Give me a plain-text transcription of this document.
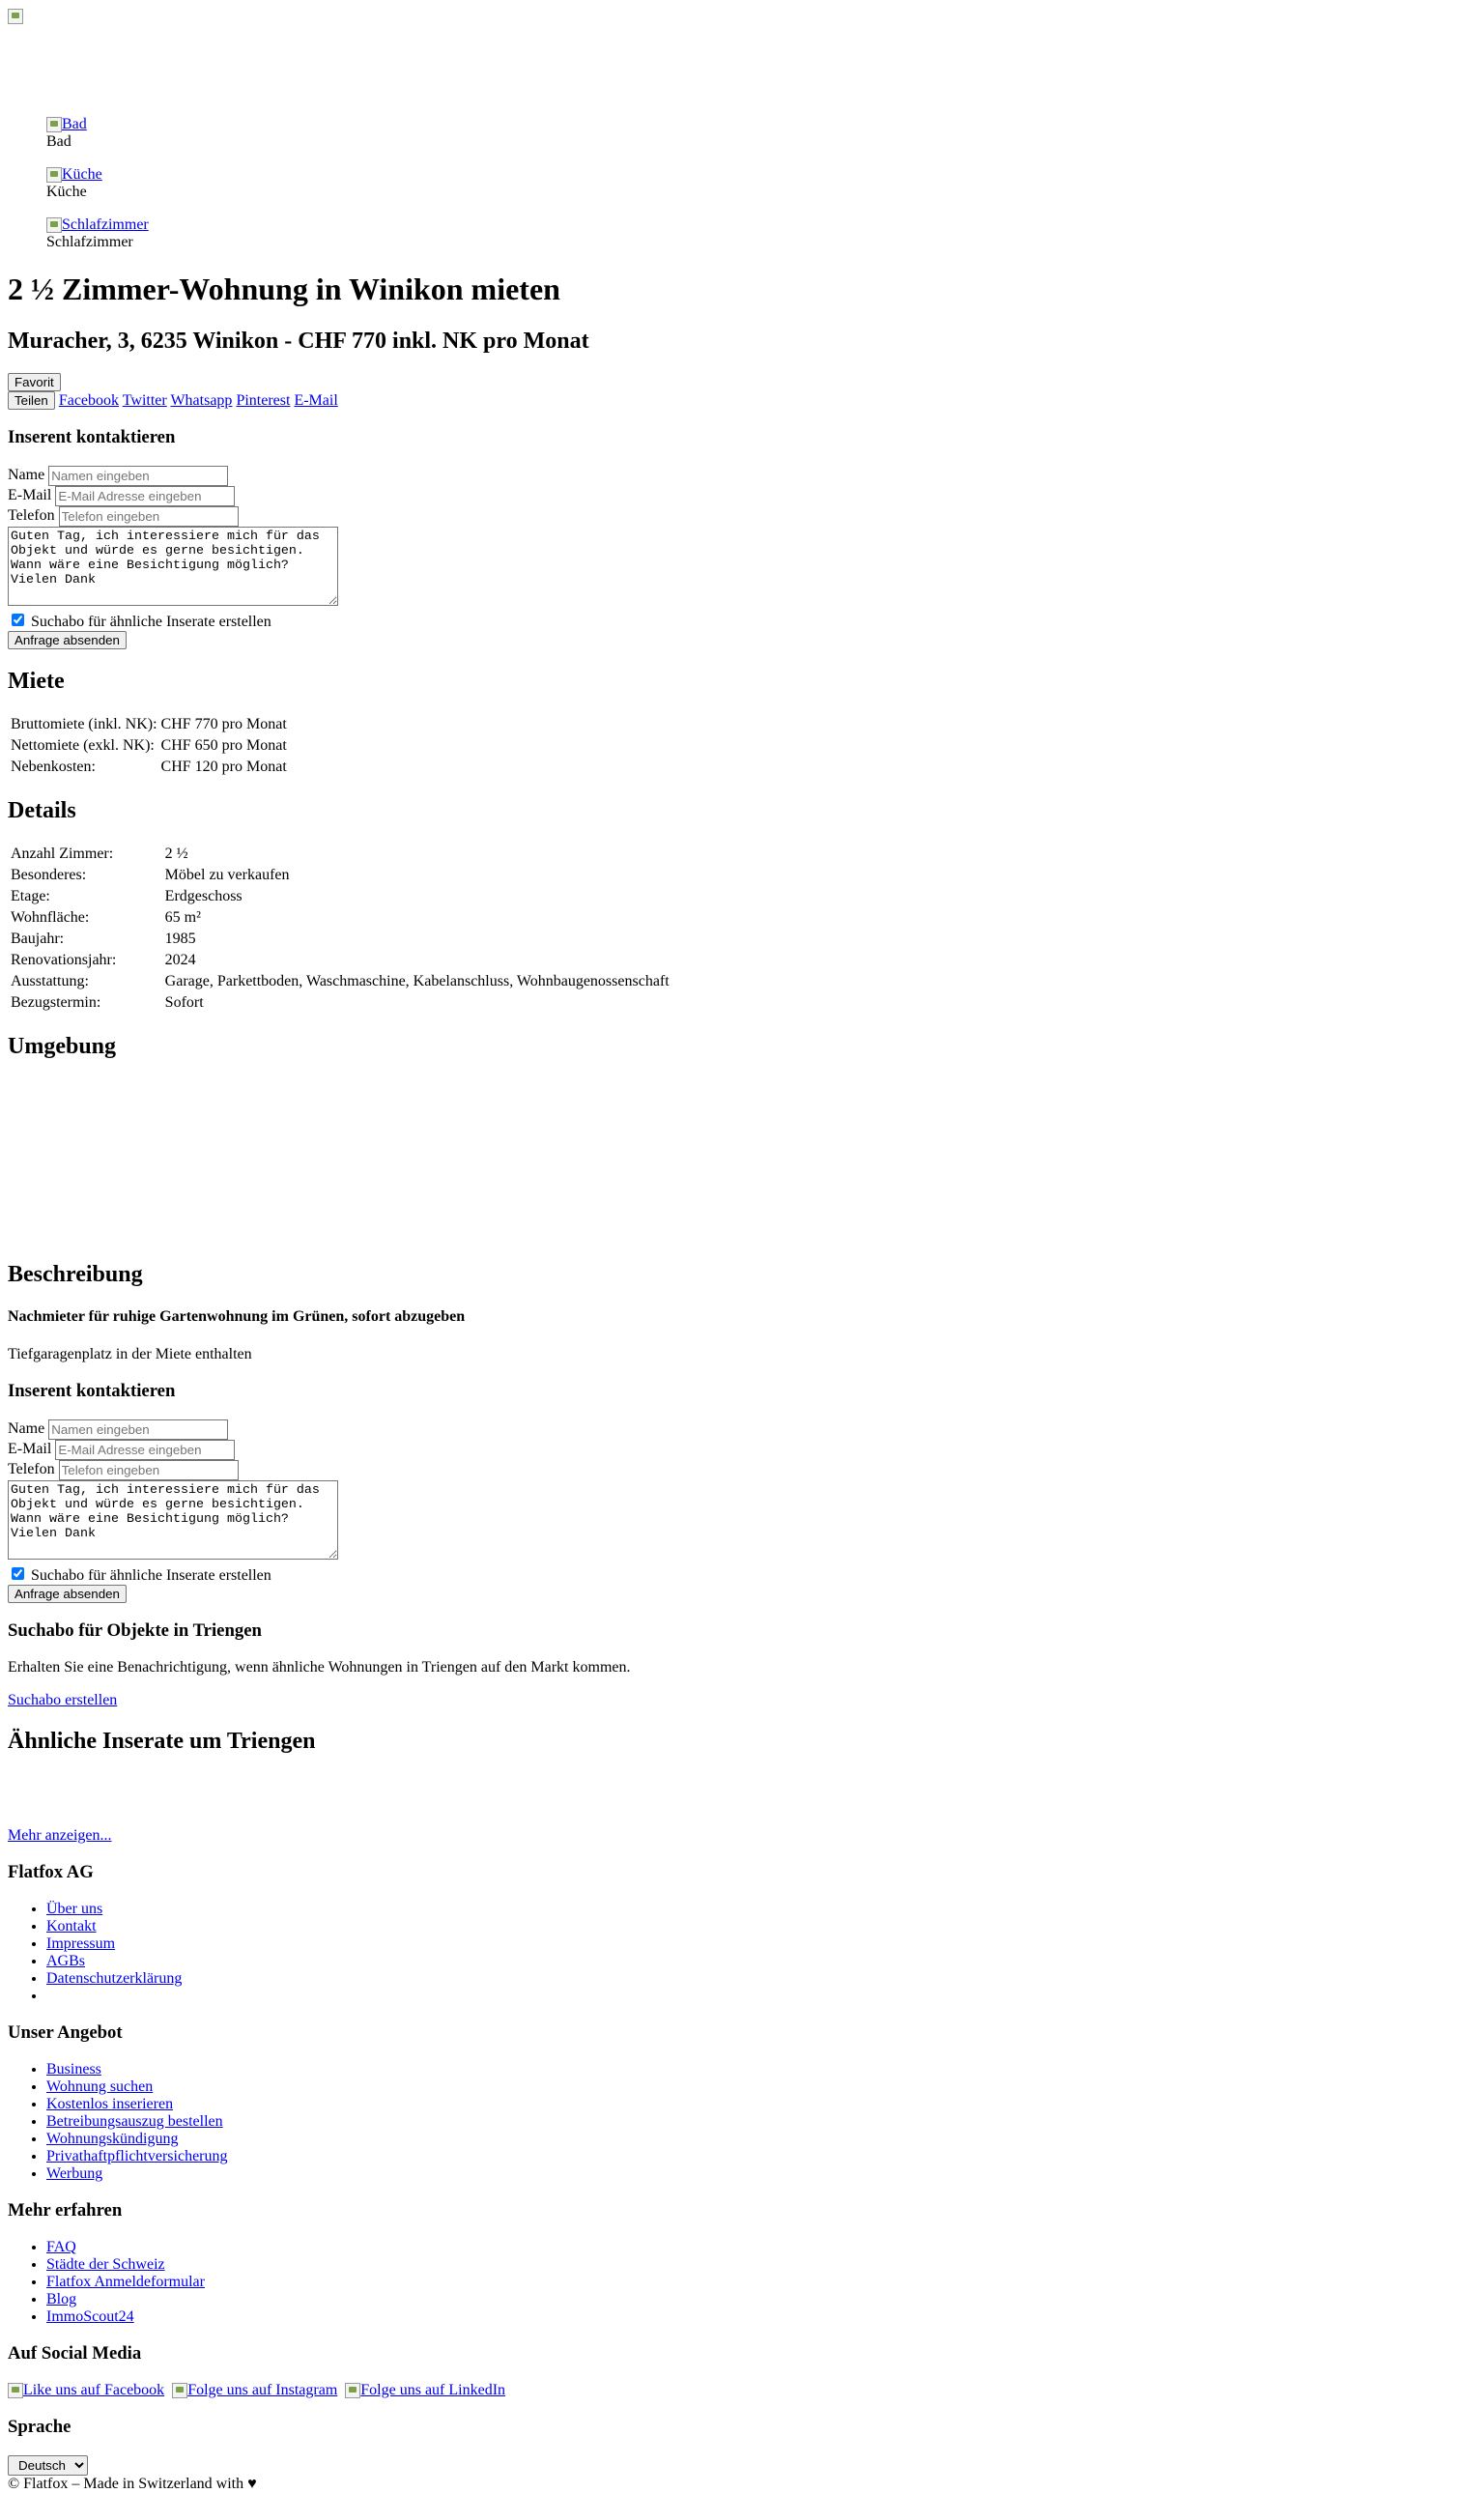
Bad
Bad
Küche
Küche
Schlafzimmer
Schlafzimmer
2 ½ Zimmer-Wohnung in Winikon mieten
Muracher, 3, 6235 Winikon - CHF 770 inkl. NK pro Monat
Favorit
Teilen Facebook Twitter Whatsapp Pinterest E-Mail
Inserent kontaktieren
Name Namen eingeben
E-Mail E-Mail Adresse eingeben
Telefon Telefon eingeben
Guten Tag, ich interessiere mich für das Objekt und würde es gerne besichtigen. Wann wäre eine Besichtigung möglich? Vielen Dank
Suchabo für ähnliche Inserate erstellen
Anfrage absenden
Miete
Bruttomiete (inkl. NK):	CHF 770 pro Monat
Nettomiete (exkl. NK):	CHF 650 pro Monat
Nebenkosten:	CHF 120 pro Monat
Details
Anzahl Zimmer:	2 ½
Besonderes:	Möbel zu verkaufen
Etage:	Erdgeschoss
Wohnfläche:	65 m²
Baujahr:	1985
Renovationsjahr:	2024
Ausstattung:	Garage, Parkettboden, Waschmaschine, Kabelanschluss, Wohnbaugenossenschaft
Bezugstermin:	Sofort
Umgebung
Beschreibung
Nachmieter für ruhige Gartenwohnung im Grünen, sofort abzugeben

Tiefgaragenplatz in der Miete enthalten

Inserent kontaktieren
Name Namen eingeben
E-Mail E-Mail Adresse eingeben
Telefon Telefon eingeben
Guten Tag, ich interessiere mich für das Objekt und würde es gerne besichtigen. Wann wäre eine Besichtigung möglich? Vielen Dank
Suchabo für ähnliche Inserate erstellen
Anfrage absenden
Suchabo für Objekte in Triengen

Erhalten Sie eine Benachrichtigung, wenn ähnliche Wohnungen in Triengen auf den Markt kommen.

Suchabo erstellen

Ähnliche Inserate um Triengen

Mehr anzeigen...

Flatfox AG
• Über uns
• Kontakt
• Impressum
• AGBs
• Datenschutzerklärung
•
Unser Angebot
• Business
• Wohnung suchen
• Kostenlos inserieren
• Betreibungsauszug bestellen
• Wohnungskündigung
• Privathaftpflichtversicherung
• Werbung
Mehr erfahren
• FAQ
• Städte der Schweiz
• Flatfox Anmeldeformular
• Blog
• ImmoScout24
Auf Social Media

Like uns auf Facebook Folge uns auf Instagram Folge uns auf LinkedIn

Sprache
Deutsch
© Flatfox – Made in Switzerland with ♥
